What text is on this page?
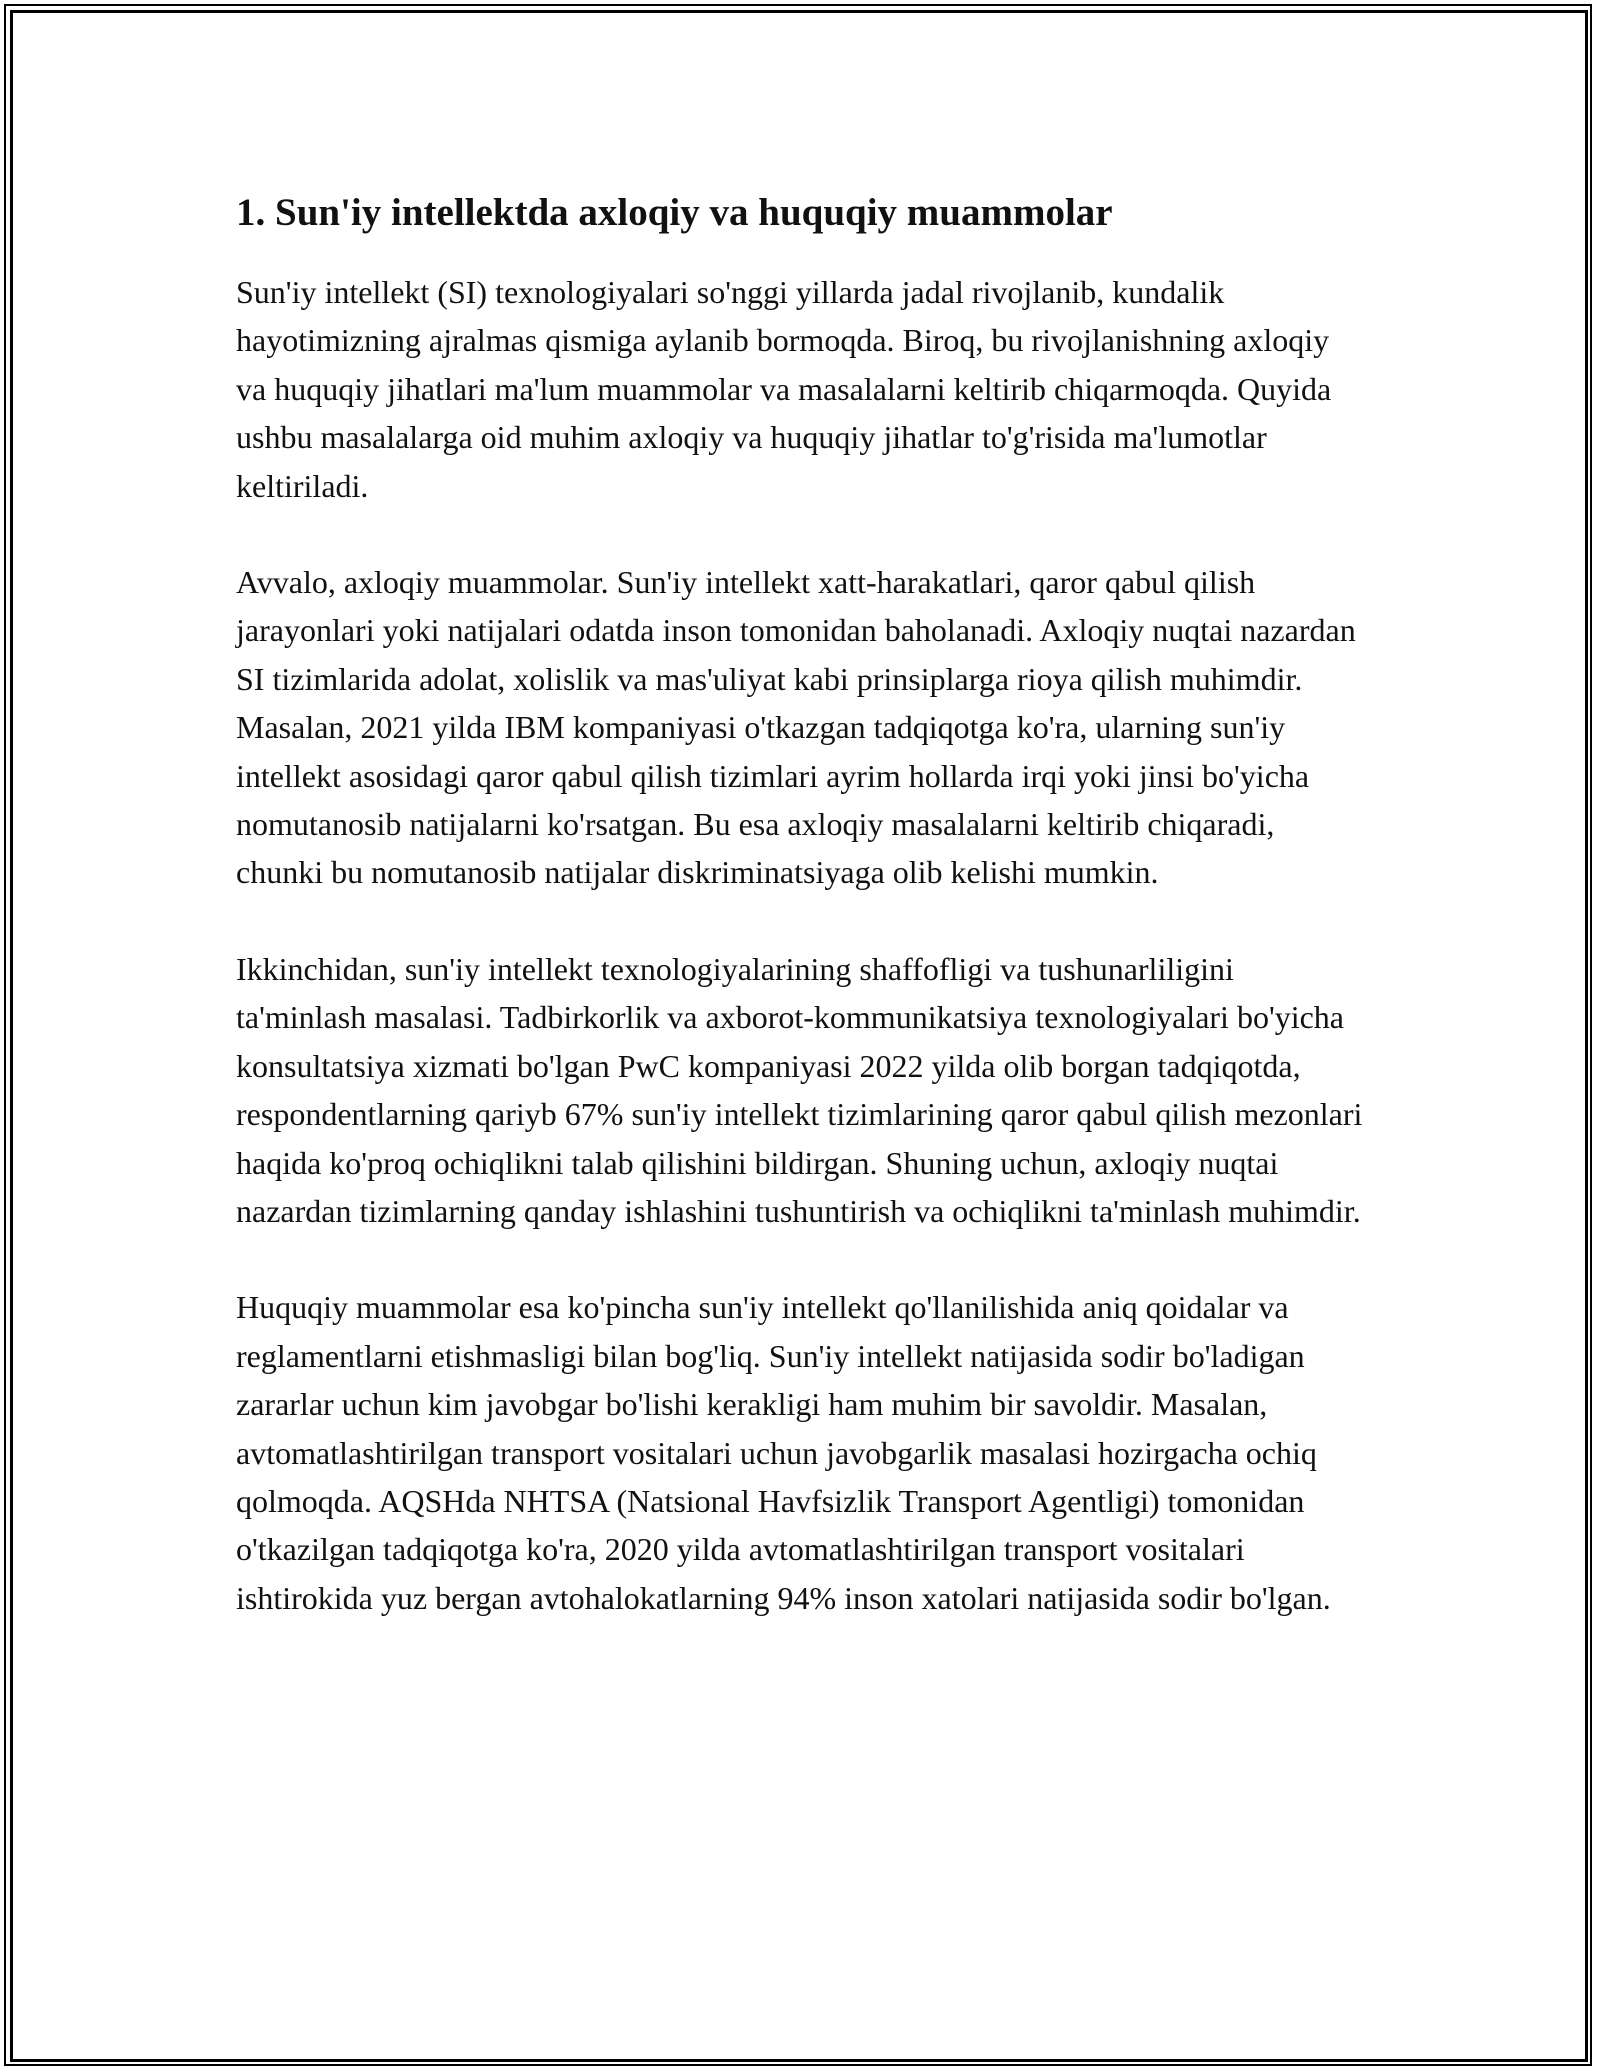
1. Sun'iy intellektda axloqiy va huquqiy muammolar

Sun'iy intellekt (SI) texnologiyalari so'nggi yillarda jadal rivojlanib, kundalik hayotimizning ajralmas qismiga aylanib bormoqda. Biroq, bu rivojlanishning axloqiy va huquqiy jihatlari ma'lum muammolar va masalalarni keltirib chiqarmoqda. Quyida ushbu masalalarga oid muhim axloqiy va huquqiy jihatlar to'g'risida ma'lumotlar keltiriladi.

Avvalo, axloqiy muammolar. Sun'iy intellekt xatt-harakatlari, qaror qabul qilish jarayonlari yoki natijalari odatda inson tomonidan baholanadi. Axloqiy nuqtai nazardan SI tizimlarida adolat, xolislik va mas'uliyat kabi prinsiplarga rioya qilish muhimdir. Masalan, 2021 yilda IBM kompaniyasi o'tkazgan tadqiqotga ko'ra, ularning sun'iy intellekt asosidagi qaror qabul qilish tizimlari ayrim hollarda irqi yoki jinsi bo'yicha nomutanosib natijalarni ko'rsatgan. Bu esa axloqiy masalalarni keltirib chiqaradi, chunki bu nomutanosib natijalar diskriminatsiyaga olib kelishi mumkin.

Ikkinchidan, sun'iy intellekt texnologiyalarining shaffofligi va tushunarliligini ta'minlash masalasi. Tadbirkorlik va axborot-kommunikatsiya texnologiyalari bo'yicha konsultatsiya xizmati bo'lgan PwC kompaniyasi 2022 yilda olib borgan tadqiqotda, respondentlarning qariyb 67% sun'iy intellekt tizimlarining qaror qabul qilish mezonlari haqida ko'proq ochiqlikni talab qilishini bildirgan. Shuning uchun, axloqiy nuqtai nazardan tizimlarning qanday ishlashini tushuntirish va ochiqlikni ta'minlash muhimdir.

Huquqiy muammolar esa ko'pincha sun'iy intellekt qo'llanilishida aniq qoidalar va reglamentlarni etishmasligi bilan bog'liq. Sun'iy intellekt natijasida sodir bo'ladigan zararlar uchun kim javobgar bo'lishi kerakligi ham muhim bir savoldir. Masalan, avtomatlashtirilgan transport vositalari uchun javobgarlik masalasi hozirgacha ochiq qolmoqda. AQSHda NHTSA (Natsional Havfsizlik Transport Agentligi) tomonidan o'tkazilgan tadqiqotga ko'ra, 2020 yilda avtomatlashtirilgan transport vositalari ishtirokida yuz bergan avtohalokatlarning 94% inson xatolari natijasida sodir bo'lgan.
